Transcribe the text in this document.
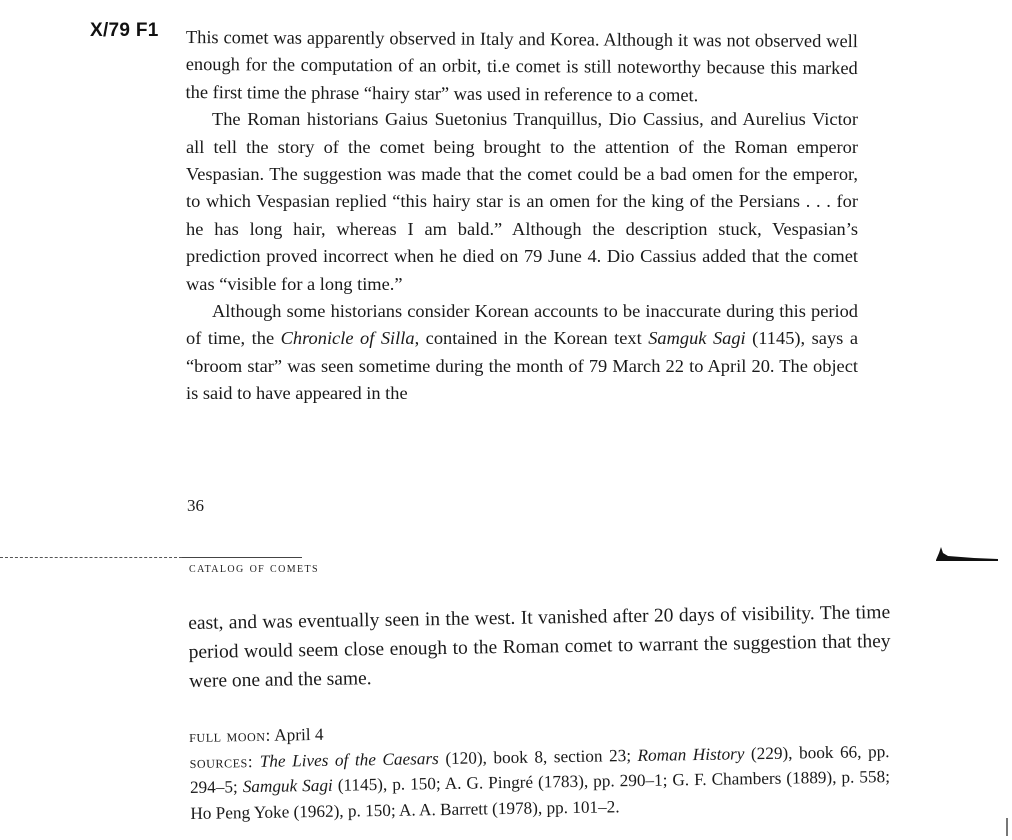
X/79 F1 This comet was apparently observed in Italy and Korea. Although it was not observed well enough for the computation of an orbit, ti.e comet is still noteworthy because this marked the first time the phrase “hairy star” was used in reference to a comet.

The Roman historians Gaius Suetonius Tranquillus, Dio Cassius, and Aurelius Victor all tell the story of the comet being brought to the attention of the Roman emperor Vespasian. The suggestion was made that the comet could be a bad omen for the emperor, to which Vespasian replied “this hairy star is an omen for the king of the Persians . . . for he has long hair, whereas I am bald.” Although the description stuck, Vespasian’s prediction proved incorrect when he died on 79 June 4. Dio Cassius added that the comet was “visible for a long time.”

Although some historians consider Korean accounts to be inaccurate during this period of time, the Chronicle of Silla, contained in the Korean text Samguk Sagi (1145), says a “broom star” was seen sometime during the month of 79 March 22 to April 20. The object is said to have appeared in the

36
catalog of comets
east, and was eventually seen in the west. It vanished after 20 days of visibility. The time period would seem close enough to the Roman comet to warrant the suggestion that they were one and the same.

full moon: April 4

sources: The Lives of the Caesars (120), book 8, section 23; Roman History (229), book 66, pp. 294–5; Samguk Sagi (1145), p. 150; A. G. Pingré (1783), pp. 290–1; G. F. Chambers (1889), p. 558; Ho Peng Yoke (1962), p. 150; A. A. Barrett (1978), pp. 101–2.
